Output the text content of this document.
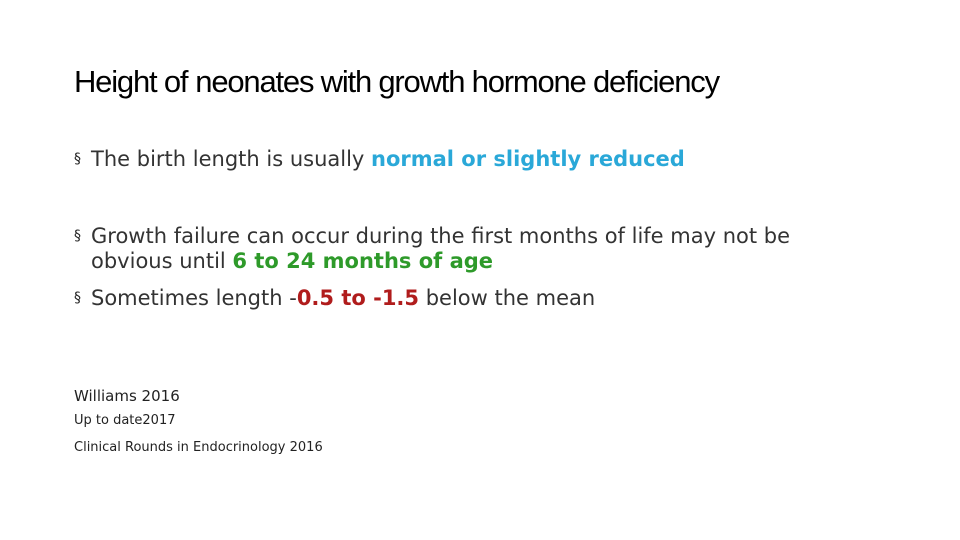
Height of neonates with growth hormone deficiency
§ The birth length is usually normal or slightly reduced
§ Growth failure can occur during the first months of life may not be
obvious until 6 to 24 months of age
§ Sometimes length -0.5 to -1.5 below the mean
Williams 2016
Up to date2017
Clinical Rounds in Endocrinology 2016
